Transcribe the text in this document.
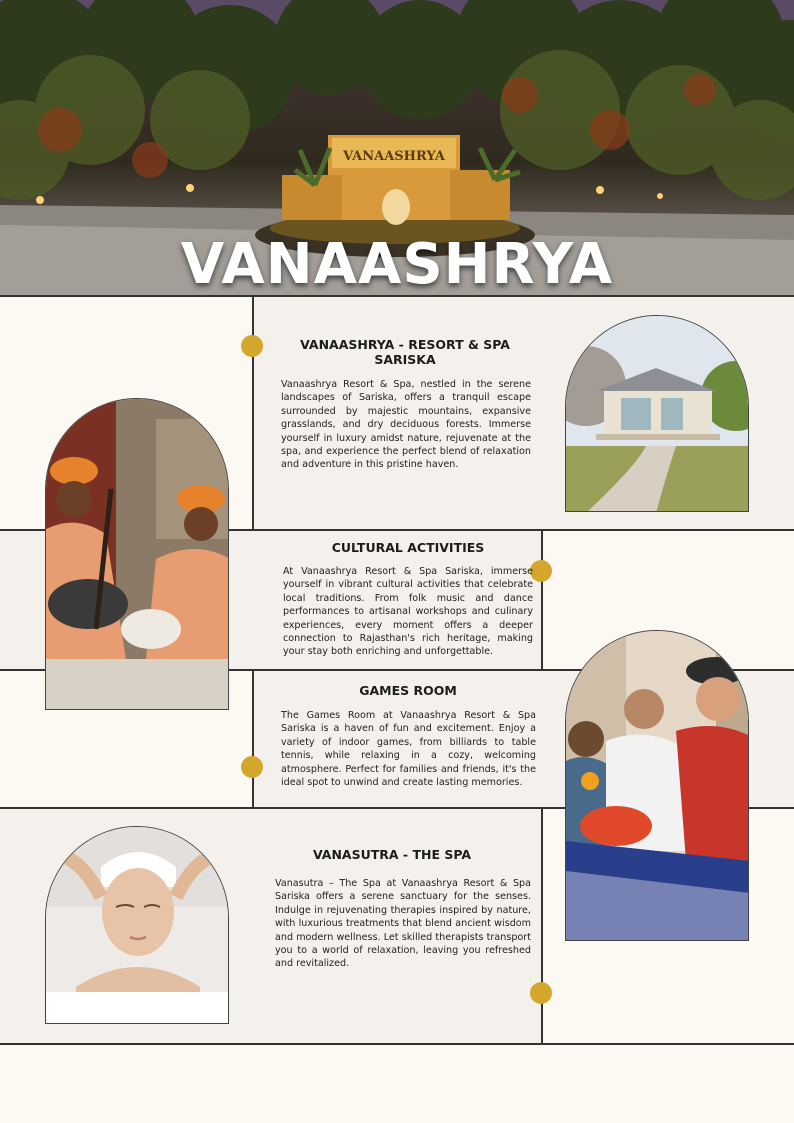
VANAASHRYA
VANAASHRYA
VANAASHRYA - RESORT & SPA SARISKA
Vanaashrya Resort & Spa, nestled in the serene landscapes of Sariska, offers a tranquil escape surrounded by majestic mountains, expansive grasslands, and dry deciduous forests. Immerse yourself in luxury amidst nature, rejuvenate at the spa, and experience the perfect blend of relaxation and adventure in this pristine haven.
CULTURAL ACTIVITIES
At Vanaashrya Resort & Spa Sariska, immerse yourself in vibrant cultural activities that celebrate local traditions. From folk music and dance performances to artisanal workshops and culinary experiences, every moment offers a deeper connection to Rajasthan's rich heritage, making your stay both enriching and unforgettable.
GAMES ROOM
The Games Room at Vanaashrya Resort & Spa Sariska is a haven of fun and excitement. Enjoy a variety of indoor games, from billiards to table tennis, while relaxing in a cozy, welcoming atmosphere. Perfect for families and friends, it's the ideal spot to unwind and create lasting memories.
VANASUTRA - THE SPA
Vanasutra – The Spa at Vanaashrya Resort & Spa Sariska offers a serene sanctuary for the senses. Indulge in rejuvenating therapies inspired by nature, with luxurious treatments that blend ancient wisdom and modern wellness. Let skilled therapists transport you to a world of relaxation, leaving you refreshed and revitalized.
